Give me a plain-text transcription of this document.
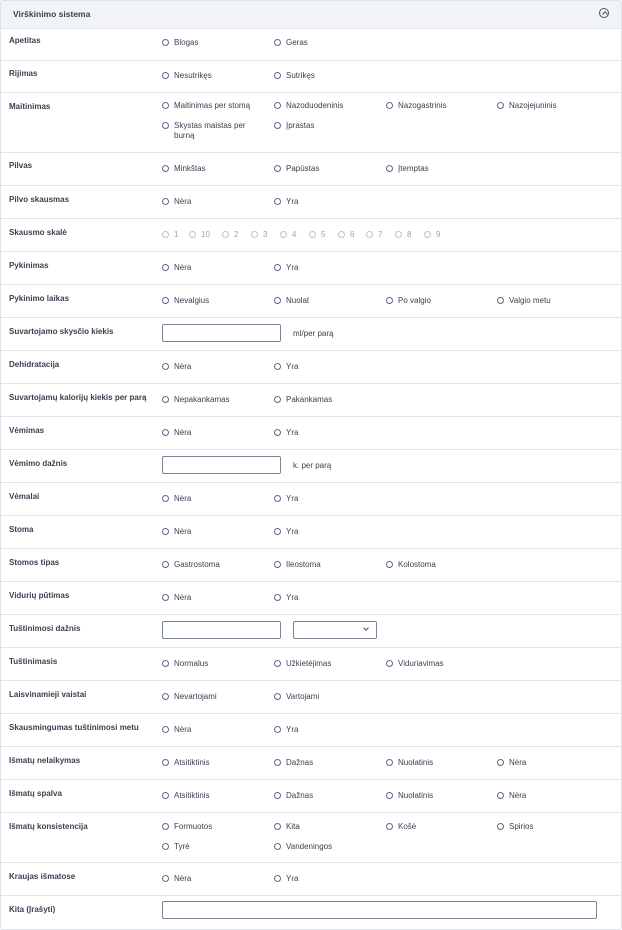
Virškinimo sistema
Apetitas	Blogas	Geras
Rijimas	Nesutrikęs	Sutrikęs
Maitinimas	Maitinimas per stomą	Nazoduodeninis	Nazogastrinis	Nazojejuninis
Skystas maistas per burną
Įprastas
Pilvas	Minkštas	Papūstas	Įtemptas
Pilvo skausmas	Nėra	Yra
Skausmo skalė	1	10	2	3	4	5	6	7	8	9
Pykinimas	Nėra	Yra
Pykinimo laikas	Nevalgius	Nuolat	Po valgio	Valgio metu
Suvartojamo skysčio kiekis	ml/per parą
Dehidratacija	Nėra	Yra
Suvartojamų kalorijų kiekis per parą	Nepakankamas	Pakankamas
Vėmimas	Nėra	Yra
Vėmimo dažnis	k. per parą
Vėmalai	Nėra	Yra
Stoma	Nėra	Yra
Stomos tipas	Gastrostoma	Ileostoma	Kolostoma
Vidurių pūtimas	Nėra	Yra
Tuštinimosi dažnis
Tuštinimasis	Normalus	Užkietėjimas	Viduriavimas
Laisvinamieji vaistai	Nevartojami	Vartojami
Skausmingumas tuštinimosi metu	Nėra	Yra
Išmatų nelaikymas	Atsitiktinis	Dažnas	Nuolatinis	Nėra
Išmatų spalva	Atsitiktinis	Dažnas	Nuolatinis	Nėra
Išmatų konsistencija	Formuotos	Kita	Košė	Spirios
Tyrė	Vandeningos
Kraujas išmatose	Nėra	Yra
Kita (Įrašyti)
